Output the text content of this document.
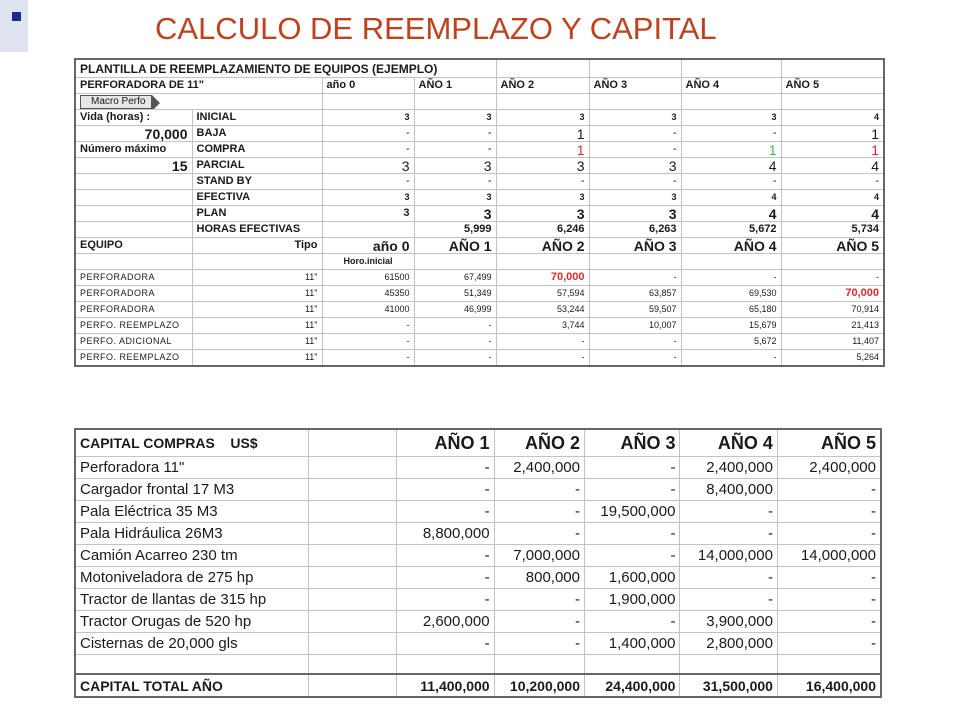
CALCULO DE REEMPLAZO Y CAPITAL
PLANTILLA DE REEMPLAZAMIENTO DE EQUIPOS (EJEMPLO)							
PERFORADORA DE 11"		año 0	AÑO 1	AÑO 2	AÑO 3	AÑO 4	AÑO 5
Macro Perfo							
Vida (horas) :	INICIAL	3	3	3	3	3	4
70,000	BAJA	-	-	1	-	-	1
Número máximo	COMPRA	-	-	1	-	1	1
15	PARCIAL	3	3	3	3	4	4
	STAND BY	-	-	-	-	-	-
	EFECTIVA	3	3	3	3	4	4
	PLAN	3	3	3	3	4	4
	HORAS EFECTIVAS		5,999	6,246	6,263	5,672	5,734
EQUIPO	Tipo	año 0	AÑO 1	AÑO 2	AÑO 3	AÑO 4	AÑO 5
		Horo.inicial					
PERFORADORA	11"	61500	67,499	70,000	-	-	-
PERFORADORA	11"	45350	51,349	57,594	63,857	69,530	70,000
PERFORADORA	11"	41000	46,999	53,244	59,507	65,180	70,914
PERFO. REEMPLAZO	11"	-	-	3,744	10,007	15,679	21,413
PERFO. ADICIONAL	11"	-	-	-	-	5,672	11,407
PERFO. REEMPLAZO	11"	-	-	-	-	-	5,264
CAPITAL COMPRAS US$		AÑO 1	AÑO 2	AÑO 3	AÑO 4	AÑO 5
Perforadora 11"		-	2,400,000	-	2,400,000	2,400,000
Cargador frontal 17 M3		-	-	-	8,400,000	-
Pala Eléctrica 35 M3		-	-	19,500,000	-	-
Pala Hidráulica 26M3		8,800,000	-	-	-	-
Camión Acarreo 230 tm		-	7,000,000	-	14,000,000	14,000,000
Motoniveladora de 275 hp		-	800,000	1,600,000	-	-
Tractor de llantas de 315 hp		-	-	1,900,000	-	-
Tractor Orugas de 520 hp		2,600,000	-	-	3,900,000	-
Cisternas de 20,000 gls		-	-	1,400,000	2,800,000	-

CAPITAL TOTAL AÑO		11,400,000	10,200,000	24,400,000	31,500,000	16,400,000
